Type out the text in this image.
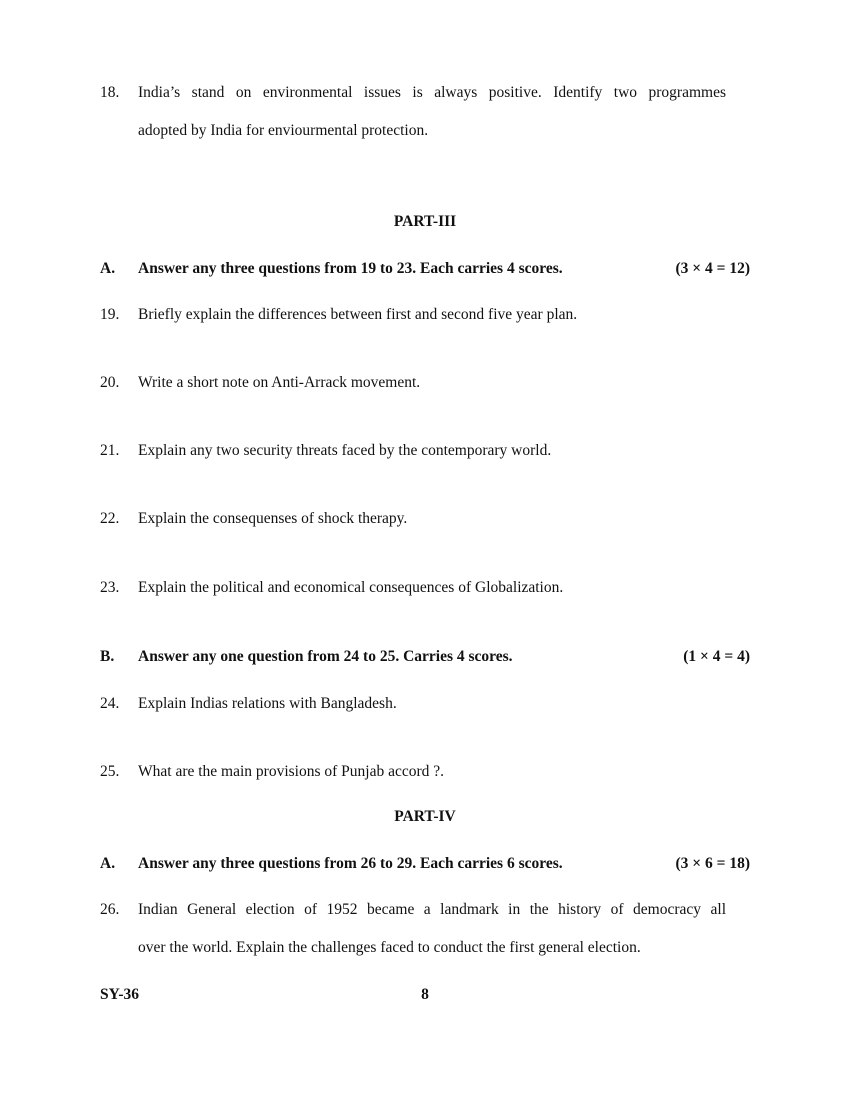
18.	India’s stand on environmental issues is always positive. Identify two programmes
adopted by India for enviourmental protection.
PART-III
A.	Answer any three questions from 19 to 23. Each carries 4 scores.	(3 × 4 = 12)
19.	Briefly explain the differences between first and second five year plan.
20.	Write a short note on Anti-Arrack movement.
21.	Explain any two security threats faced by the contemporary world.
22.	Explain the consequenses of shock therapy.
23.	Explain the political and economical consequences of Globalization.
B.	Answer any one question from 24 to 25. Carries 4 scores.	(1 × 4 = 4)
24.	Explain Indias relations with Bangladesh.
25.	What are the main provisions of Punjab accord ?.
PART-IV
A.	Answer any three questions from 26 to 29. Each carries 6 scores.	(3 × 6 = 18)
26.	Indian General election of 1952 became a landmark in the history of democracy all
over the world. Explain the challenges faced to conduct the first general election.
SY-36	8
